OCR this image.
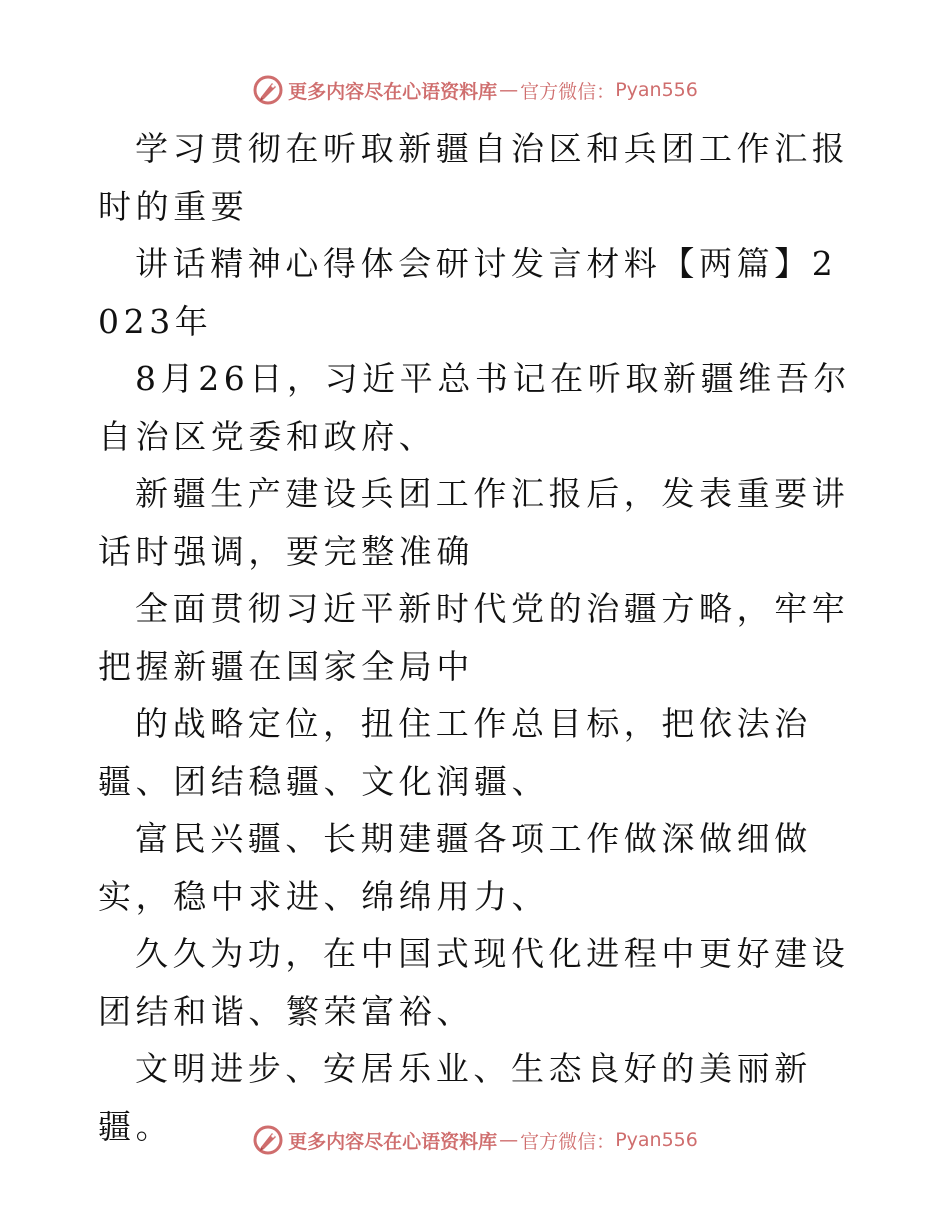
更多内容尽在心语资料库 — 官方微信： Pyan556

学习贯彻在听取新疆自治区和兵团工作汇报时的重要

讲话精神心得体会研讨发言材料【两篇】2023年

8月26日，习近平总书记在听取新疆维吾尔自治区党委和政府、

新疆生产建设兵团工作汇报后，发表重要讲话时强调，要完整准确

全面贯彻习近平新时代党的治疆方略，牢牢把握新疆在国家全局中

的战略定位，扭住工作总目标，把依法治疆、团结稳疆、文化润疆、

富民兴疆、长期建疆各项工作做深做细做实，稳中求进、绵绵用力、

久久为功，在中国式现代化进程中更好建设团结和谐、繁荣富裕、

文明进步、安居乐业、生态良好的美丽新疆。	更多内容尽在心语资料库 — 官方微信： Pyan556
